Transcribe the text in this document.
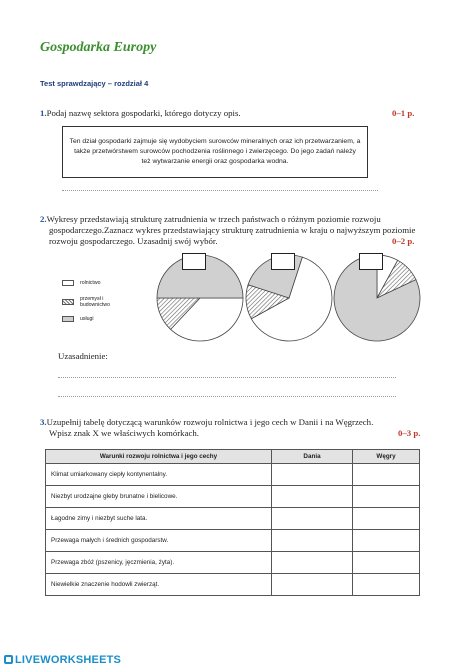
Gospodarka Europy
Test sprawdzający – rozdział 4
1.Podaj nazwę sektora gospodarki, którego dotyczy opis.	0–1 p.
Ten dział gospodarki zajmuje się wydobyciem surowców mineralnych oraz ich przetwarzaniem, a także przetwórstwem surowców pochodzenia roślinnego i zwierzęcego. Do jego zadań należy też wytwarzanie energii oraz gospodarka wodna.
2.Wykresy przedstawiają strukturę zatrudnienia w trzech państwach o różnym poziomie rozwoju
gospodarczego.Zaznacz wykres przedstawiający strukturę zatrudnienia w kraju o najwyższym poziomie
rozwoju gospodarczego. Uzasadnij swój wybór.	0–2 p.
rolnictwo
przemysł i budownictwo
usługi
Uzasadnienie:
3.Uzupełnij tabelę dotyczącą warunków rozwoju rolnictwa i jego cech w Danii i na Węgrzech.
Wpisz znak X we właściwych komórkach.	0–3 p.
Warunki rozwoju rolnictwa i jego cechy	Dania	Węgry
Klimat umiarkowany ciepły kontynentalny.		
Niezbyt urodzajne gleby brunatne i bielicowe.		
Łagodne zimy i niezbyt suche lata.		
Przewaga małych i średnich gospodarstw.		
Przewaga zbóż (pszenicy, jęczmienia, żyta).		
Niewielkie znaczenie hodowli zwierząt.		
LIVEWORKSHEETS
